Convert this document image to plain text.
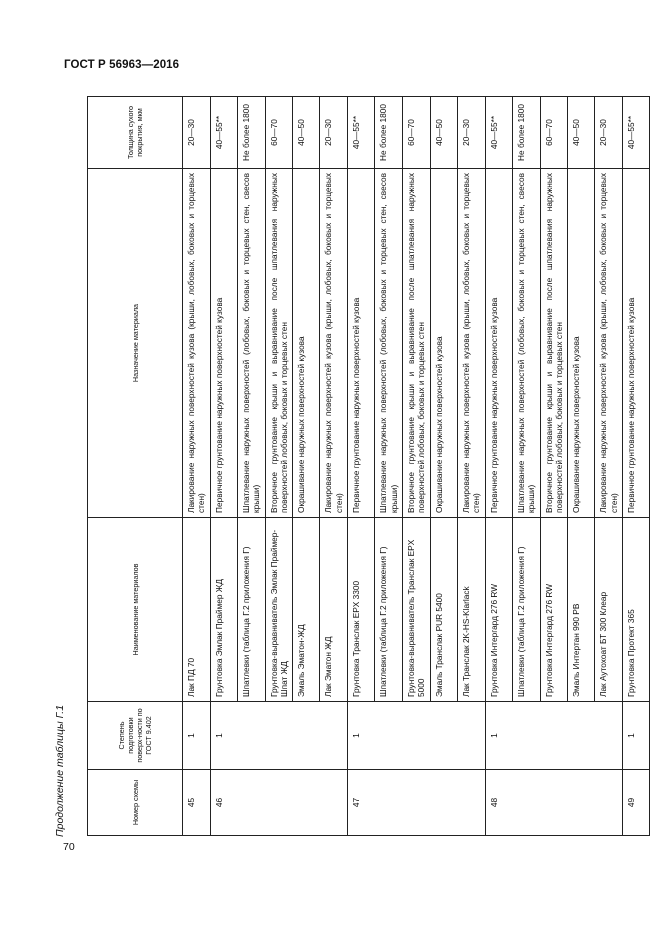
ГОСТ Р 56963—2016
70
Продолжение таблицы Г.1	Номер схемы	Степень подготовки поверх-ности по ГОСТ 9.402	Наименование материалов	Назначение материала	Толщина сухого покрытия, мкм
45	1	Лак ПД 70	Лакирование наружных поверхностей кузова (крыши, лобовых, боковых и торцевых стен)	20—30
46	1	Грунтовка Эмлак Праймер ЖД	Первичное грунтование наружных поверхностей кузова	40—55**
		Шпатлевки (таблица Г.2 приложения Г)	Шпатлевание наружных поверхностей (лобовых, боковых и торцевых стен, свесов крыши)	Не более 1800
		Грунтовка-выравниватель Эмлак Праймер-Шпат ЖД	Вторичное грунтование крыши и выравнивание после шпатлевания наружных поверхностей лобовых, боковых и торцевых стен	60—70
		Эмаль Эматон-ЖД	Окрашивание наружных поверхностей кузова	40—50
		Лак Эматон ЖД	Лакирование наружных поверхностей кузова (крыши, лобовых, боковых и торцевых стен)	20—30
47	1	Грунтовка Транслак EPX 3300	Первичное грунтование наружных поверхностей кузова	40—55**
		Шпатлевки (таблица Г.2 приложения Г)	Шпатлевание наружных поверхностей (лобовых, боковых и торцевых стен, свесов крыши)	Не более 1800
		Грунтовка-выравниватель Транслак EPX 5000	Вторичное грунтование крыши и выравнивание после шпатлевания наружных поверхностей лобовых, боковых и торцевых стен	60—70
		Эмаль Транслак PUR 5400	Окрашивание наружных поверхностей кузова	40—50
		Лак Транслак 2K-HS-Klarlack	Лакирование наружных поверхностей кузова (крыши, лобовых, боковых и торцевых стен)	20—30
48	1	Грунтовка Интергард 276 RW	Первичное грунтование наружных поверхностей кузова	40—55**
		Шпатлевки (таблица Г.2 приложения Г)	Шпатлевание наружных поверхностей (лобовых, боковых и торцевых стен, свесов крыши)	Не более 1800
		Грунтовка Интергард 276 RW	Вторичное грунтование крыши и выравнивание после шпатлевания наружных поверхностей лобовых, боковых и торцевых стен	60—70
		Эмаль Интертан 990 PB	Окрашивание наружных поверхностей кузова	40—50
		Лак Аутохоат БТ 300 Клеар	Лакирование наружных поверхностей кузова (крыши, лобовых, боковых и торцевых стен)	20—30
49	1	Грунтовка Протект 365	Первичное грунтование наружных поверхностей кузова	40—55**
